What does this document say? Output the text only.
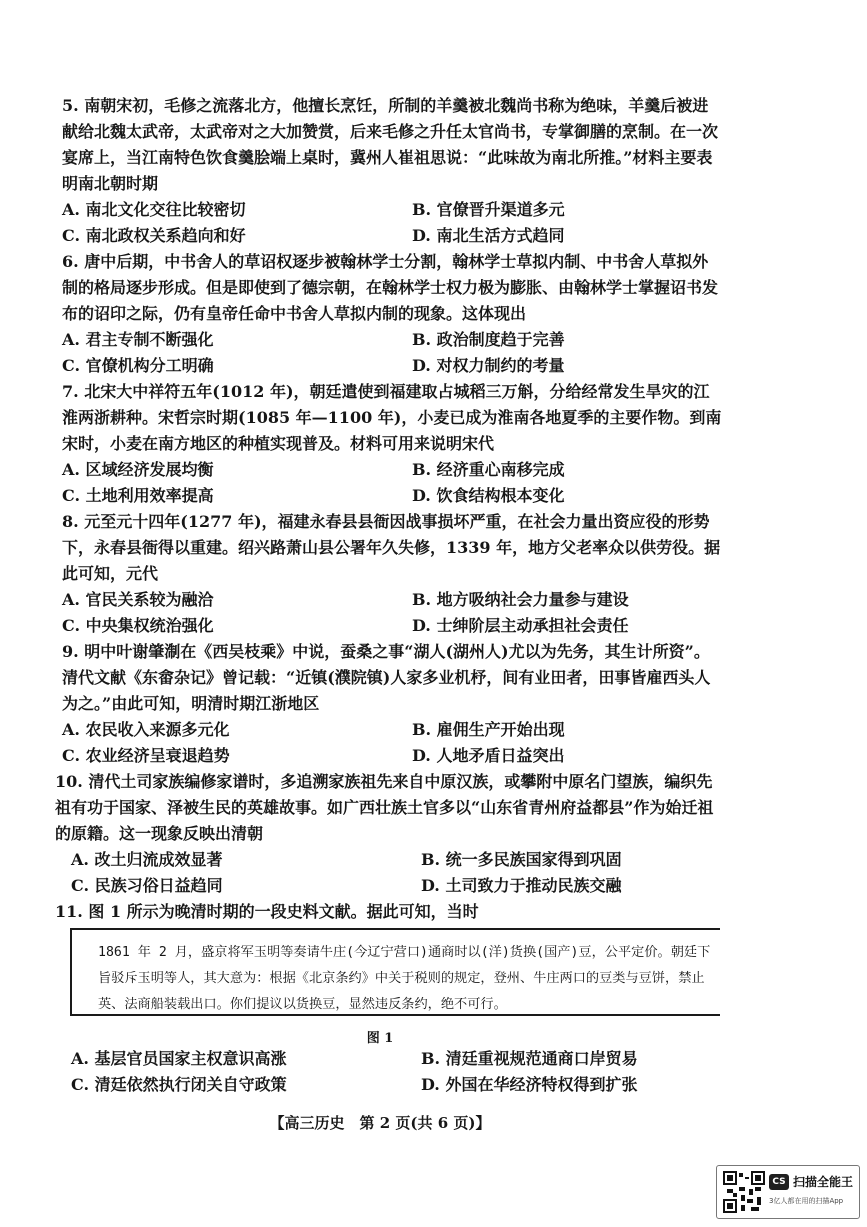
5. 南朝宋初，毛修之流落北方，他擅长烹饪，所制的羊羹被北魏尚书称为绝味，羊羹后被进献给北魏太武帝，太武帝对之大加赞赏，后来毛修之升任太官尚书，专掌御膳的烹制。在一次宴席上，当江南特色饮食羹脍端上桌时，冀州人崔祖思说：“此味故为南北所推。”材料主要表明南北朝时期

A. 南北文化交往比较密切	B. 官僚晋升渠道多元
C. 南北政权关系趋向和好	D. 南北生活方式趋同

6. 唐中后期，中书舍人的草诏权逐步被翰林学士分割，翰林学士草拟内制、中书舍人草拟外制的格局逐步形成。但是即使到了德宗朝，在翰林学士权力极为膨胀、由翰林学士掌握诏书发布的诏印之际，仍有皇帝任命中书舍人草拟内制的现象。这体现出

A. 君主专制不断强化	B. 政治制度趋于完善
C. 官僚机构分工明确	D. 对权力制约的考量

7. 北宋大中祥符五年(1012 年)，朝廷遣使到福建取占城稻三万斛，分给经常发生旱灾的江淮两浙耕种。宋哲宗时期(1085 年—1100 年)，小麦已成为淮南各地夏季的主要作物。到南宋时，小麦在南方地区的种植实现普及。材料可用来说明宋代

A. 区域经济发展均衡	B. 经济重心南移完成
C. 土地利用效率提高	D. 饮食结构根本变化

8. 元至元十四年(1277 年)，福建永春县县衙因战事损坏严重，在社会力量出资应役的形势下，永春县衙得以重建。绍兴路萧山县公署年久失修，1339 年，地方父老率众以供劳役。据此可知，元代

A. 官民关系较为融洽	B. 地方吸纳社会力量参与建设
C. 中央集权统治强化	D. 士绅阶层主动承担社会责任

9. 明中叶谢肇淛在《西吴枝乘》中说，蚕桑之事“湖人(湖州人)尤以为先务，其生计所资”。清代文献《东畲杂记》曾记载：“近镇(濮院镇)人家多业机杼，间有业田者，田事皆雇西头人为之。”由此可知，明清时期江浙地区

A. 农民收入来源多元化	B. 雇佣生产开始出现
C. 农业经济呈衰退趋势	D. 人地矛盾日益突出

10. 清代土司家族编修家谱时，多追溯家族祖先来自中原汉族，或攀附中原名门望族，编织先祖有功于国家、泽被生民的英雄故事。如广西壮族土官多以“山东省青州府益都县”作为始迁祖的原籍。这一现象反映出清朝

A. 改土归流成效显著	B. 统一多民族国家得到巩固
C. 民族习俗日益趋同	D. 土司致力于推动民族交融

11. 图 1 所示为晚清时期的一段史料文献。据此可知，当时

1861 年 2 月，盛京将军玉明等奏请牛庄(今辽宁营口)通商时以(洋)货换(国产)豆，公平定价。朝廷下旨驳斥玉明等人，其大意为：根据《北京条约》中关于税则的规定，登州、牛庄两口的豆类与豆饼，禁止英、法商船装载出口。你们提议以货换豆，显然违反条约，绝不可行。
图 1
A. 基层官员国家主权意识高涨	B. 清廷重视规范通商口岸贸易
C. 清廷依然执行闭关自守政策	D. 外国在华经济特权得到扩张
【高三历史　第 2 页(共 6 页)】
CS 扫描全能王
3亿人都在用的扫描App
